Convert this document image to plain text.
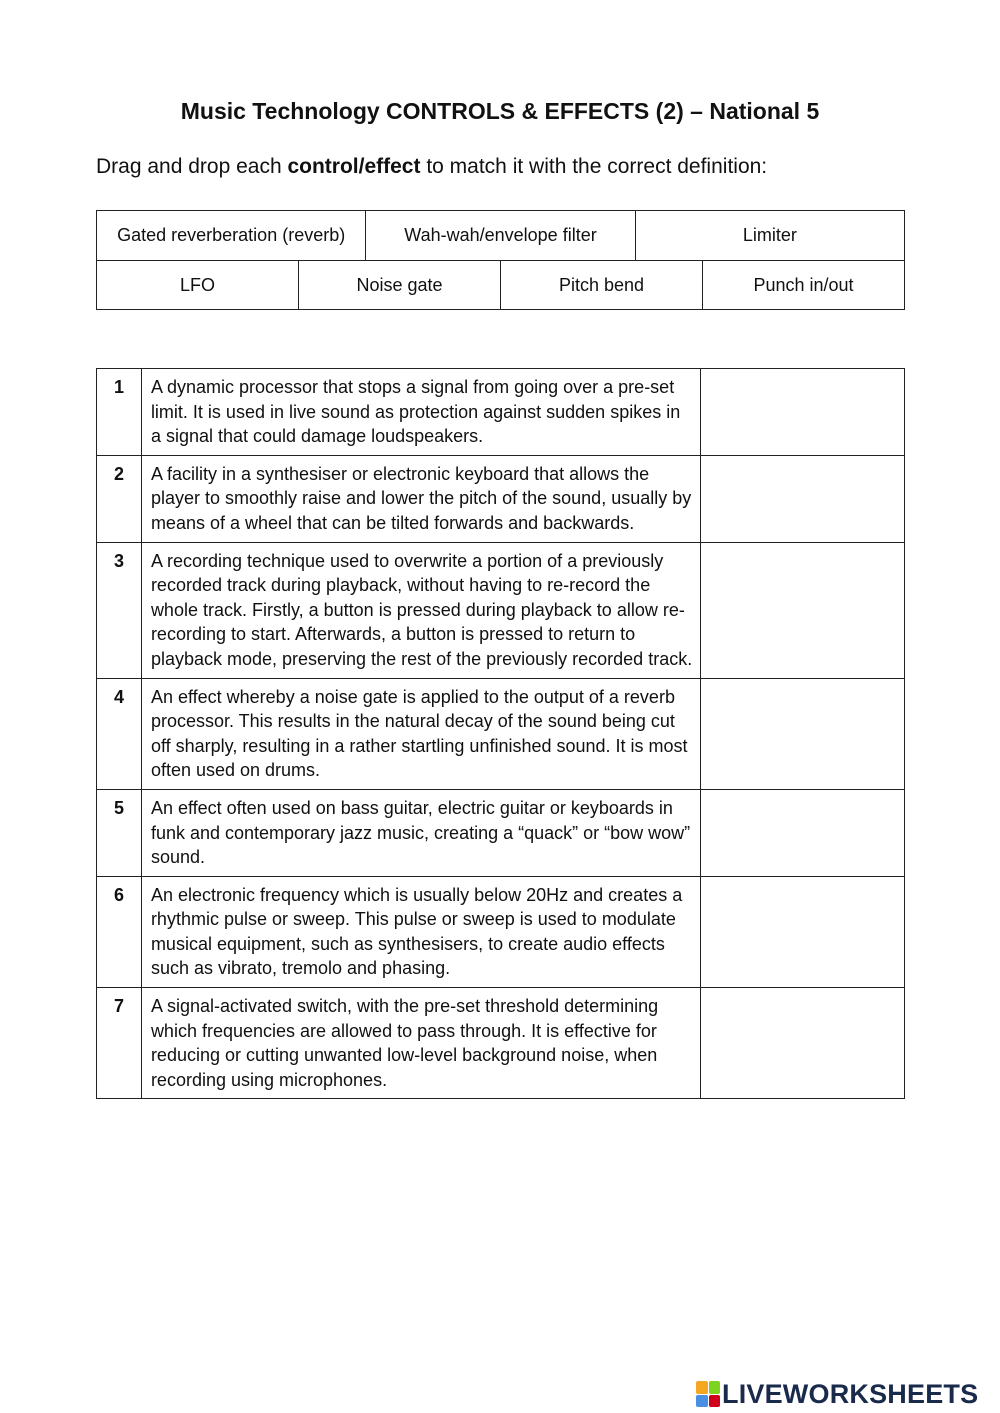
Music Technology CONTROLS & EFFECTS (2) – National 5

Drag and drop each control/effect to match it with the correct definition:

Gated reverberation (reverb)	Wah-wah/envelope filter	Limiter
LFO	Noise gate	Pitch bend	Punch in/out
1	A dynamic processor that stops a signal from going over a pre-set limit. It is used in live sound as protection against sudden spikes in a signal that could damage loudspeakers.	
2	A facility in a synthesiser or electronic keyboard that allows the player to smoothly raise and lower the pitch of the sound, usually by means of a wheel that can be tilted forwards and backwards.	
3	A recording technique used to overwrite a portion of a previously recorded track during playback, without having to re-record the whole track. Firstly, a button is pressed during playback to allow re-recording to start. Afterwards, a button is pressed to return to playback mode, preserving the rest of the previously recorded track.	
4	An effect whereby a noise gate is applied to the output of a reverb processor. This results in the natural decay of the sound being cut off sharply, resulting in a rather startling unfinished sound. It is most often used on drums.	
5	An effect often used on bass guitar, electric guitar or keyboards in funk and contemporary jazz music, creating a “quack” or “bow wow” sound.	
6	An electronic frequency which is usually below 20Hz and creates a rhythmic pulse or sweep. This pulse or sweep is used to modulate musical equipment, such as synthesisers, to create audio effects such as vibrato, tremolo and phasing.	
7	A signal-activated switch, with the pre-set threshold determining which frequencies are allowed to pass through. It is effective for reducing or cutting unwanted low-level background noise, when recording using microphones.	
LIVEWORKSHEETS
